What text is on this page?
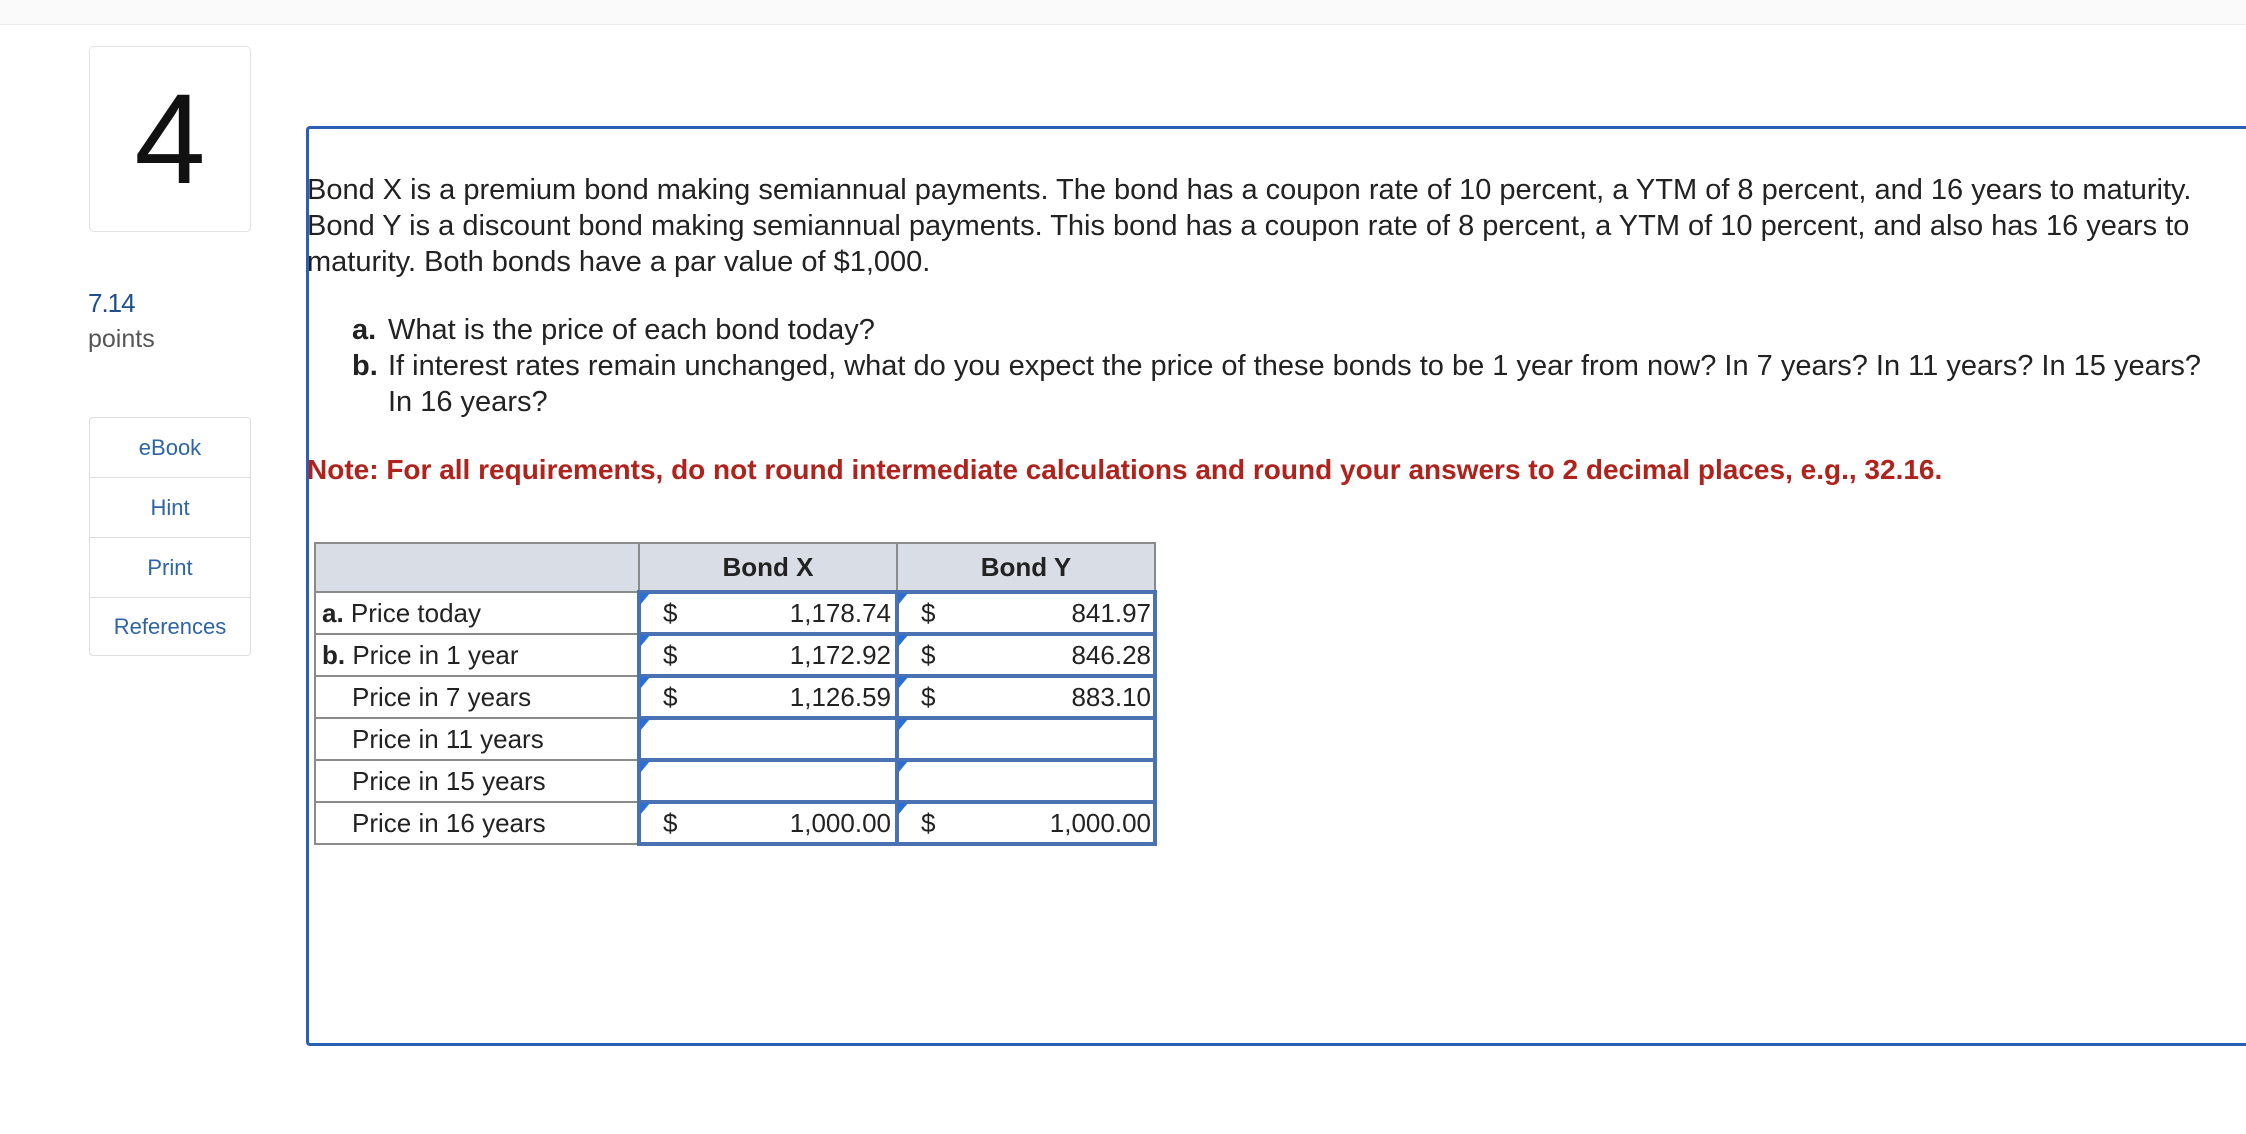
4
7.14
points
eBook
Hint
Print
References
Bond X is a premium bond making semiannual payments. The bond has a coupon rate of 10 percent, a YTM of 8 percent, and 16 years to maturity. Bond Y is a discount bond making semiannual payments. This bond has a coupon rate of 8 percent, a YTM of 10 percent, and also has 16 years to maturity. Both bonds have a par value of $1,000.
a. What is the price of each bond today?
b. If interest rates remain unchanged, what do you expect the price of these bonds to be 1 year from now? In 7 years? In 11 years? In 15 years? In 16 years?
Note: For all requirements, do not round intermediate calculations and round your answers to 2 decimal places, e.g., 32.16.
	Bond X	Bond Y
a. Price today	$ 1,178.74	$ 841.97

b. Price in 1 year	$ 1,172.92	$ 846.28

Price in 7 years	$ 1,126.59	$ 883.10

Price in 11 years	

Price in 15 years	

Price in 16 years	$ 1,000.00	$ 1,000.00
